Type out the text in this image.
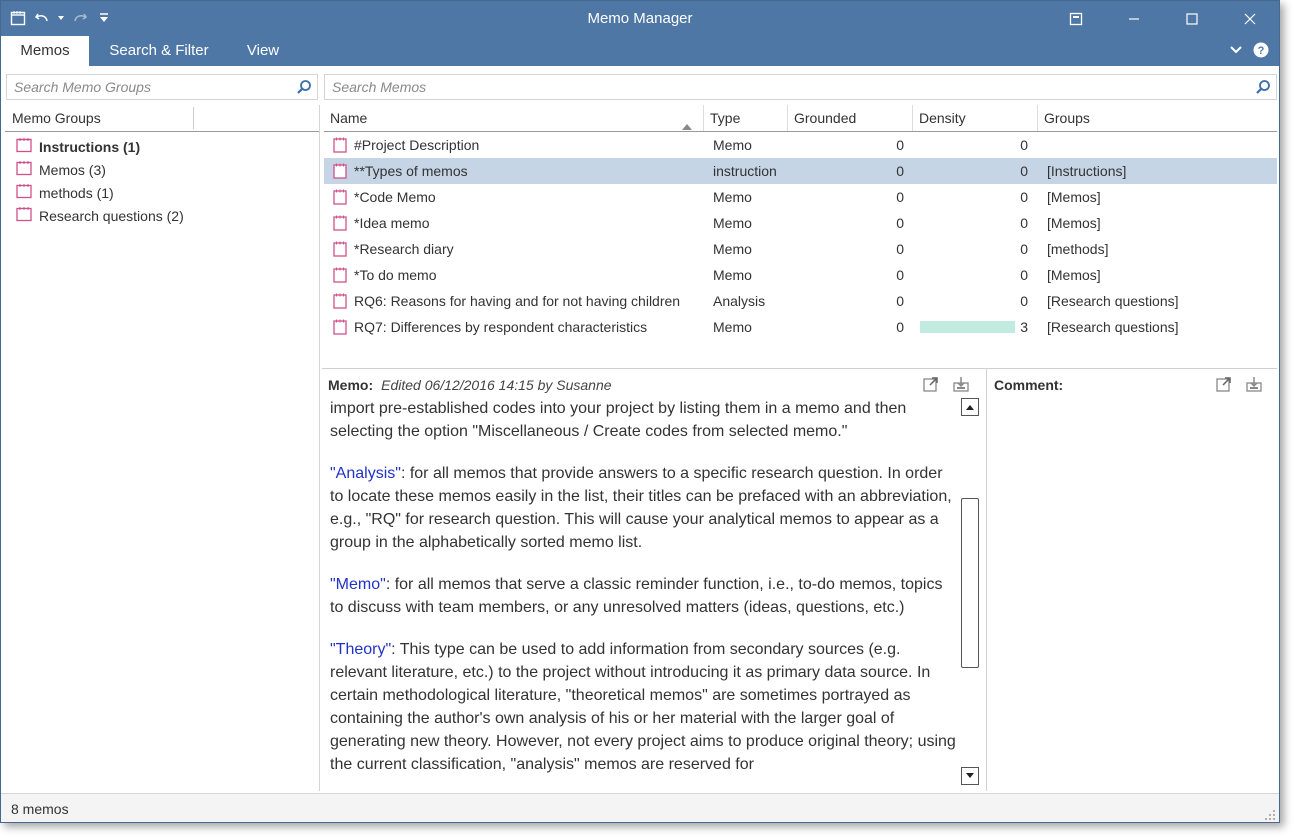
Memo Manager
Memos	Search & Filter	View	?
Search Memo Groups
Search Memos
Memo Groups
Instructions (1)
Memos (3)
methods (1)
Research questions (2)
Name	Type	Grounded	Density	Groups
#Project Description	Memo	0	0
**Types of memos	instruction	0	0 [Instructions]
*Code Memo	Memo	0	0 [Memos]
*Idea memo	Memo	0	0 [Memos]
*Research diary	Memo	0	0 [methods]
*To do memo	Memo	0	0 [Memos]
RQ6: Reasons for having and for not having children Analysis	0	0 [Research questions]
RQ7: Differences by respondent characteristics	Memo	0	3 [Research questions]
Memo: Edited 06/12/2016 14:15 by Susanne

import pre-established codes into your project by listing them in a memo and then selecting the option "Miscellaneous / Create codes from selected memo."

"Analysis": for all memos that provide answers to a specific research question. In order to locate these memos easily in the list, their titles can be prefaced with an abbreviation, e.g., "RQ" for research question. This will cause your analytical memos to appear as a group in the alphabetically sorted memo list.

"Memo": for all memos that serve a classic reminder function, i.e., to-do memos, topics to discuss with team members, or any unresolved matters (ideas, questions, etc.)

"Theory": This type can be used to add information from secondary sources (e.g. relevant literature, etc.) to the project without introducing it as primary data source. In certain methodological literature, "theoretical memos" are sometimes portrayed as containing the author's own analysis of his or her material with the larger goal of generating new theory. However, not every project aims to produce original theory; using the current classification, "analysis" memos are reserved for

Comment:
8 memos
